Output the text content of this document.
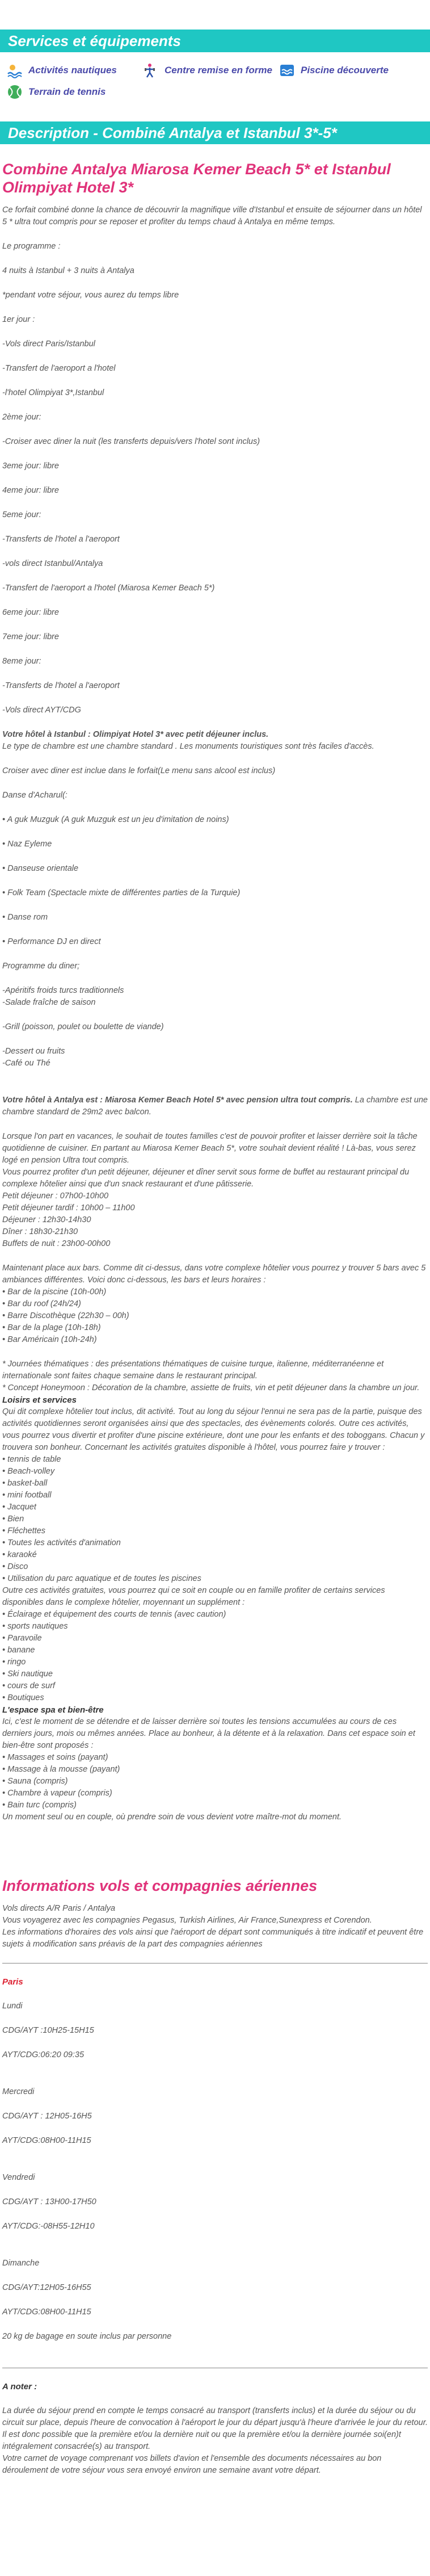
Services et équipements
Activités nautiques	Centre remise en forme	Piscine découverte
Terrain de tennis
Description - Combiné Antalya et Istanbul 3*-5*
Combine Antalya Miarosa Kemer Beach 5* et Istanbul Olimpiyat Hotel 3*

Ce forfait combiné donne la chance de découvrir la magnifique ville d'Istanbul et ensuite de séjourner dans un hôtel 5 * ultra tout compris pour se reposer et profiter du temps chaud à Antalya en même temps.

Le programme :

4 nuits à Istanbul + 3 nuits à Antalya

*pendant votre séjour, vous aurez du temps libre

1er jour :

-Vols direct Paris/Istanbul

-Transfert de l'aeroport a l'hotel

-l'hotel Olimpiyat 3*,Istanbul

2ème jour:

-Croiser avec diner la nuit (les transferts depuis/vers l'hotel sont inclus)

3eme jour: libre

4eme jour: libre

5eme jour:

-Transferts de l'hotel a l'aeroport

-vols direct Istanbul/Antalya

-Transfert de l'aeroport a l'hotel (Miarosa Kemer Beach 5*)

6eme jour: libre

7eme jour: libre

8eme jour:

-Transferts de l'hotel a l'aeroport

-Vols direct AYT/CDG

Votre hôtel à Istanbul : Olimpiyat Hotel 3* avec petit déjeuner inclus.

Le type de chambre est une chambre standard . Les monuments touristiques sont très faciles d'accès.

Croiser avec diner est inclue dans le forfait(Le menu sans alcool est inclus)

Danse d'Acharul(:

• A guk Muzguk (A guk Muzguk est un jeu d'imitation de noins)

• Naz Eyleme

• Danseuse orientale

• Folk Team (Spectacle mixte de différentes parties de la Turquie)

• Danse rom

• Performance DJ en direct

Programme du diner;

-Apéritifs froids turcs traditionnels

-Salade fraîche de saison

-Grill (poisson, poulet ou boulette de viande)

-Dessert ou fruits

-Café ou Thé

Votre hôtel à Antalya est : Miarosa Kemer Beach Hotel 5* avec pension ultra tout compris. La chambre est une chambre standard de 29m2 avec balcon.

Lorsque l'on part en vacances, le souhait de toutes familles c'est de pouvoir profiter et laisser derrière soit la tâche quotidienne de cuisiner. En partant au Miarosa Kemer Beach 5*, votre souhait devient réalité ! Là-bas, vous serez logé en pension Ultra tout compris.

Vous pourrez profiter d'un petit déjeuner, déjeuner et dîner servit sous forme de buffet au restaurant principal du complexe hôtelier ainsi que d'un snack restaurant et d'une pâtisserie.

Petit déjeuner : 07h00-10h00

Petit déjeuner tardif : 10h00 – 11h00

Déjeuner : 12h30-14h30

Dîner : 18h30-21h30

Buffets de nuit : 23h00-00h00

Maintenant place aux bars. Comme dit ci-dessus, dans votre complexe hôtelier vous pourrez y trouver 5 bars avec 5 ambiances différentes. Voici donc ci-dessous, les bars et leurs horaires :

• Bar de la piscine (10h-00h)

• Bar du roof (24h/24)

• Barre Discothèque (22h30 – 00h)

• Bar de la plage (10h-18h)

• Bar Américain (10h-24h)

* Journées thématiques : des présentations thématiques de cuisine turque, italienne, méditerranéenne et internationale sont faites chaque semaine dans le restaurant principal.

* Concept Honeymoon : Décoration de la chambre, assiette de fruits, vin et petit déjeuner dans la chambre un jour.

Loisirs et services

Qui dit complexe hôtelier tout inclus, dit activité. Tout au long du séjour l'ennui ne sera pas de la partie, puisque des activités quotidiennes seront organisées ainsi que des spectacles, des évènements colorés. Outre ces activités, vous pourrez vous divertir et profiter d'une piscine extérieure, dont une pour les enfants et des toboggans. Chacun y trouvera son bonheur. Concernant les activités gratuites disponible à l'hôtel, vous pourrez faire y trouver :

• tennis de table

• Beach-volley

• basket-ball

• mini football

• Jacquet

• Bien

• Fléchettes

• Toutes les activités d'animation

• karaoké

• Disco

• Utilisation du parc aquatique et de toutes les piscines

Outre ces activités gratuites, vous pourrez qui ce soit en couple ou en famille profiter de certains services disponibles dans le complexe hôtelier, moyennant un supplément :

• Éclairage et équipement des courts de tennis (avec caution)

• sports nautiques

• Paravoile

• banane

• ringo

• Ski nautique

• cours de surf

• Boutiques

L'espace spa et bien-être

Ici, c'est le moment de se détendre et de laisser derrière soi toutes les tensions accumulées au cours de ces derniers jours, mois ou mêmes années. Place au bonheur, à la détente et à la relaxation. Dans cet espace soin et bien-être sont proposés :

• Massages et soins (payant)

• Massage à la mousse (payant)

• Sauna (compris)

• Chambre à vapeur (compris)

• Bain turc (compris)

Un moment seul ou en couple, où prendre soin de vous devient votre maître-mot du moment.

Informations vols et compagnies aériennes

Vols directs A/R Paris / Antalya

Vous voyagerez avec les compagnies Pegasus, Turkish Airlines, Air France,Sunexpress et Corendon.

Les informations d'horaires des vols ainsi que l'aéroport de départ sont communiqués à titre indicatif et peuvent être sujets à modification sans préavis de la part des compagnies aériennes

Paris

Lundi

CDG/AYT :10H25-15H15

AYT/CDG:06:20 09:35

Mercredi

CDG/AYT : 12H05-16H5

AYT/CDG:08H00-11H15

Vendredi

CDG/AYT : 13H00-17H50

AYT/CDG:-08H55-12H10

Dimanche

CDG/AYT:12H05-16H55

AYT/CDG:08H00-11H15

20 kg de bagage en soute inclus par personne

A noter :

La durée du séjour prend en compte le temps consacré au transport (transferts inclus) et la durée du séjour ou du circuit sur place, depuis l'heure de convocation à l'aéroport le jour du départ jusqu'à l'heure d'arrivée le jour du retour. Il est donc possible que la première et/ou la dernière nuit ou que la première et/ou la dernière journée soi(en)t intégralement consacrée(s) au transport.

Votre carnet de voyage comprenant vos billets d'avion et l'ensemble des documents nécessaires au bon déroulement de votre séjour vous sera envoyé environ une semaine avant votre départ.
